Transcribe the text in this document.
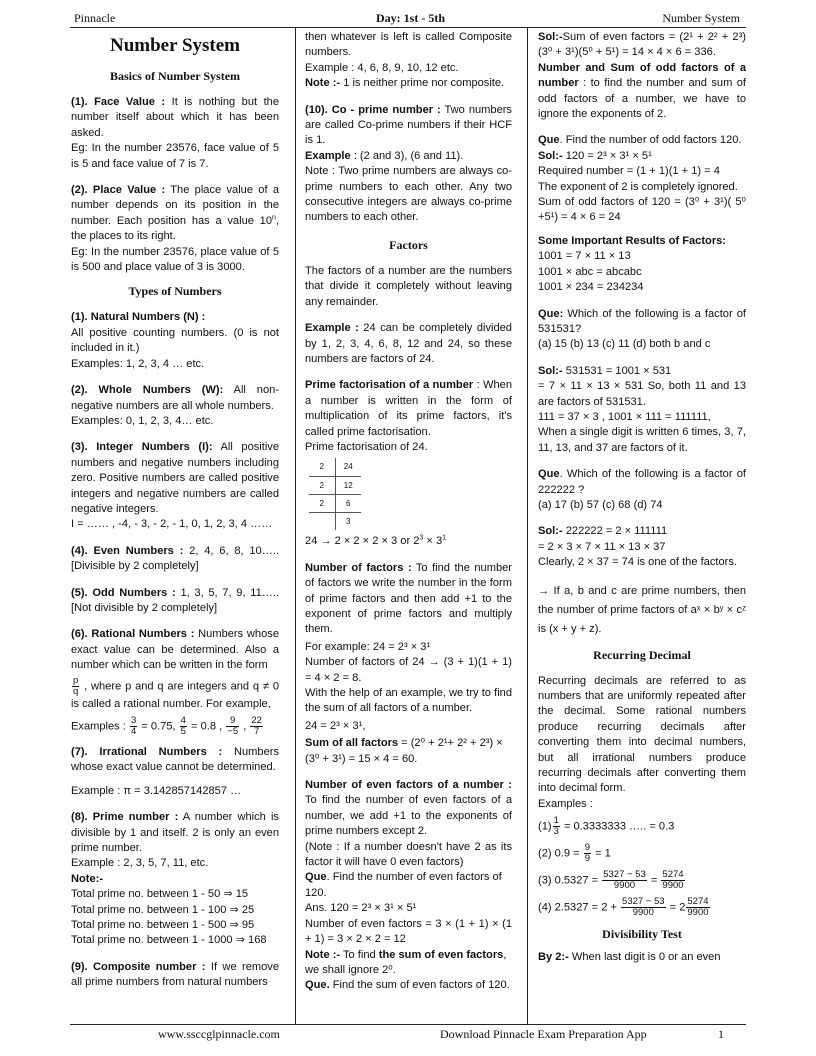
Pinnacle	Day: 1st - 5th	Number System
Number System
Basics of Number System

(1). Face Value : It is nothing but the number itself about which it has been asked.

Eg: In the number 23576, face value of 5 is 5 and face value of 7 is 7.

(2). Place Value : The place value of a number depends on its position in the number. Each position has a value 10$^n$, the places to its right.

Eg: In the number 23576, place value of 5 is 500 and place value of 3 is 3000.

Types of Numbers

(1). Natural Numbers (N) :

All positive counting numbers. (0 is not included in it.)

Examples: 1, 2, 3, 4 … etc.

(2). Whole Numbers (W): All non-negative numbers are all whole numbers.

Examples: 0, 1, 2, 3, 4… etc.

(3). Integer Numbers (I): All positive numbers and negative numbers including zero. Positive numbers are called positive integers and negative numbers are called negative integers.

I = …… , -4, - 3, - 2, - 1, 0, 1, 2, 3, 4 ……

(4). Even Numbers : 2, 4, 6, 8, 10….. [Divisible by 2 completely]

(5). Odd Numbers : 1, 3, 5, 7, 9, 11….. [Not divisible by 2 completely]

(6). Rational Numbers : Numbers whose exact value can be determined. Also a number which can be written in the form

$\frac{p}{q}$ , where p and q are integers and q ≠ 0 is called a rational number. For example,

Examples : $\frac{3}{4} = 0.75$, $\frac{4}{5} = 0.8$ , $\frac{9}{-5}$ , $\frac{22}{7}$

(7). Irrational Numbers : Numbers whose exact value cannot be determined.

Example : π = 3.142857142857 …

(8). Prime number : A number which is divisible by 1 and itself. 2 is only an even prime number.

Example : 2, 3, 5, 7, 11, etc.

Note:-

Total prime no. between 1 - 50 ⇒ 15

Total prime no. between 1 - 100 ⇒ 25

Total prime no. between 1 - 500 ⇒ 95

Total prime no. between 1 - 1000 ⇒ 168

(9). Composite number : If we remove all prime numbers from natural numbers

then whatever is left is called Composite numbers.

Example : 4, 6, 8, 9, 10, 12 etc.

Note :- 1 is neither prime nor composite.

(10). Co - prime number : Two numbers are called Co-prime numbers if their HCF is 1.

Example : (2 and 3), (6 and 11).

Note : Two prime numbers are always co-prime numbers to each other. Any two consecutive integers are always co-prime numbers to each other.

Factors

The factors of a number are the numbers that divide it completely without leaving any remainder.

Example : 24 can be completely divided by 1, 2, 3, 4, 6, 8, 12 and 24, so these numbers are factors of 24.

Prime factorisation of a number : When a number is written in the form of multiplication of its prime factors, it's called prime factorisation.

Prime factorisation of 24.

2	24
2	12
2	6
	3

24 → 2 × 2 × 2 × 3 or $2^3 \times 3^1$

Number of factors : To find the number of factors we write the number in the form of prime factors and then add +1 to the exponent of prime factors and multiply them.

For example: 24 = 2³ × 3¹

Number of factors of 24 → (3 + 1)(1 + 1) = 4 × 2 = 8.

With the help of an example, we try to find the sum of all factors of a number.

24 = 2³ × 3¹,

Sum of all factors = (2⁰ + 2¹+ 2² + 2³) × (3⁰ + 3¹) = 15 × 4 = 60.

Number of even factors of a number : To find the number of even factors of a number, we add +1 to the exponents of prime numbers except 2.

(Note : If a number doesn't have 2 as its factor it will have 0 even factors)

Que. Find the number of even factors of 120.

Ans. 120 = 2³ × 3¹ × 5¹

Number of even factors = 3 × (1 + 1) × (1 + 1) = 3 × 2 × 2 = 12

Note :- To find the sum of even factors, we shall ignore 2⁰.

Que. Find the sum of even factors of 120.

Sol:-Sum of even factors = (2¹ + 2² + 2³)(3⁰ + 3¹)(5⁰ + 5¹) = 14 × 4 × 6 = 336.

Number and Sum of odd factors of a number : to find the number and sum of odd factors of a number, we have to ignore the exponents of 2.

Que. Find the number of odd factors 120.

Sol:- 120 = 2³ × 3¹ × 5¹

Required number = (1 + 1)(1 + 1) = 4

The exponent of 2 is completely ignored.

Sum of odd factors of 120 = (3⁰ + 3¹)( 5⁰ +5¹) = 4 × 6 = 24

Some Important Results of Factors:

1001 = 7 × 11 × 13

1001 × abc = abcabc

1001 × 234 = 234234

Que: Which of the following is a factor of 531531?

(a) 15 (b) 13 (c) 11 (d) both b and c

Sol:- 531531 = 1001 × 531

= 7 × 11 × 13 × 531 So, both 11 and 13 are factors of 531531.

111 = 37 × 3 , 1001 × 111 = 111111,

When a single digit is written 6 times, 3, 7, 11, 13, and 37 are factors of it.

Que. Which of the following is a factor of 222222 ?

(a) 17 (b) 57 (c) 68 (d) 74

Sol:- 222222 = 2 × 111111

= 2 × 3 × 7 × 11 × 13 × 37

Clearly, 2 × 37 = 74 is one of the factors.

→ If a, b and c are prime numbers, then the number of prime factors of aˣ × bʸ × cᶻ is (x + y + z).

Recurring Decimal

Recurring decimals are referred to as numbers that are uniformly repeated after the decimal. Some rational numbers produce recurring decimals after converting them into decimal numbers, but all irrational numbers produce recurring decimals after converting them into decimal form.

Examples :

$(1) \frac{1}{3} = 0.3333333$ ….. = 0.3

(2) $0.9 = \frac{9}{9} = 1$

(3) $0.5327 = \frac{5327 - 53}{9900} = \frac{5274}{9900}$

(4) $2.5327 = 2 + \frac{5327 - 53}{9900} = 2 \frac{5274}{9900}$

Divisibility Test

By 2:- When last digit is 0 or an even

www.ssccglpinnacle.com	Download Pinnacle Exam Preparation App	1
